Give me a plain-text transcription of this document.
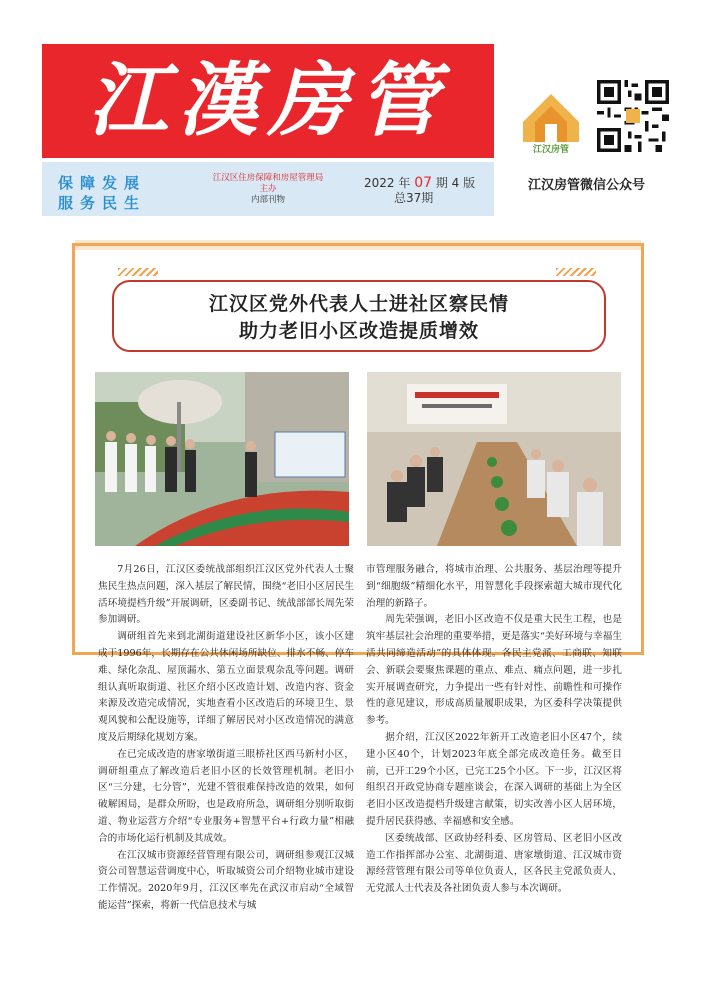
江漢房管
保障发展
服务民生
江汉区住房保障和房屋管理局
主办
内部刊物
2022 年 07 期 4 版
总37期
江汉房管
江汉房管微信公众号
江汉区党外代表人士进社区察民情
助力老旧小区改造提质增效

7月26日，江汉区委统战部组织江汉区党外代表人士聚焦民生热点问题，深入基层了解民情，围绕“老旧小区居民生活环境提档升级”开展调研，区委副书记、统战部部长周先荣参加调研。

调研组首先来到北湖街道建设社区新华小区，该小区建成于1996年，长期存在公共休闲场所缺位、排水不畅、停车难、绿化杂乱、屋顶漏水、第五立面景观杂乱等问题。调研组认真听取街道、社区介绍小区改造计划、改造内容、资金来源及改造完成情况，实地查看小区改造后的环境卫生、景观风貌和公配设施等，详细了解居民对小区改造情况的满意度及后期绿化规划方案。

在已完成改造的唐家墩街道三眼桥社区西马新村小区，调研组重点了解改造后老旧小区的长效管理机制。老旧小区“三分建，七分管”，光建不管很难保持改造的效果，如何破解困局，是群众所盼，也是政府所急，调研组分别听取街道、物业运营方介绍“专业服务+智慧平台+行政力量”相融合的市场化运行机制及其成效。

在江汉城市资源经营管理有限公司，调研组参观江汉城资公司智慧运营调度中心，听取城资公司介绍物业城市建设工作情况。2020年9月，江汉区率先在武汉市启动“全域智能运营”探索，将新一代信息技术与城

市管理服务融合，将城市治理、公共服务、基层治理等提升到“细胞级”精细化水平，用智慧化手段探索超大城市现代化治理的新路子。

周先荣强调，老旧小区改造不仅是重大民生工程，也是筑牢基层社会治理的重要举措，更是落实“美好环境与幸福生活共同缔造活动”的具体体现。各民主党派、工商联、知联会、新联会要聚焦课题的重点、难点、痛点问题，进一步扎实开展调查研究，力争提出一些有针对性、前瞻性和可操作性的意见建议，形成高质量履职成果，为区委科学决策提供参考。

据介绍，江汉区2022年新开工改造老旧小区47个，续建小区40个，计划2023年底全部完成改造任务。截至目前，已开工29个小区，已完工25个小区。下一步，江汉区将组织召开政党协商专题座谈会，在深入调研的基础上为全区老旧小区改造提档升级建言献策，切实改善小区人居环境，提升居民获得感、幸福感和安全感。

区委统战部、区政协经科委、区房管局、区老旧小区改造工作指挥部办公室、北湖街道、唐家墩街道、江汉城市资源经营管理有限公司等单位负责人，区各民主党派负责人、无党派人士代表及各社团负责人参与本次调研。
